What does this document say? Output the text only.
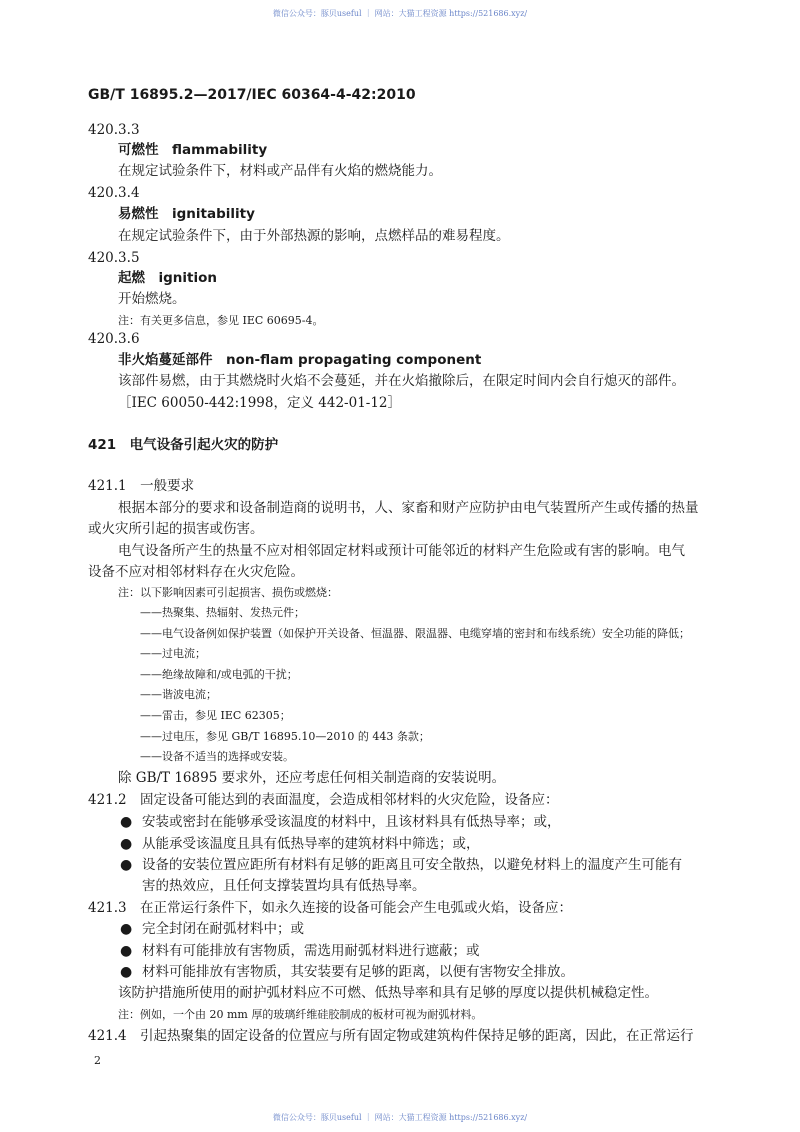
微信公众号：豚贝useful ｜ 网站：大猫工程资源 https://521686.xyz/
GB/T 16895.2—2017/IEC 60364-4-42:2010
420.3.3
可燃性　flammability
在规定试验条件下，材料或产品伴有火焰的燃烧能力。
420.3.4
易燃性　ignitability
在规定试验条件下，由于外部热源的影响，点燃样品的难易程度。
420.3.5
起燃　ignition
开始燃烧。
注：有关更多信息，参见 IEC 60695-4。
420.3.6
非火焰蔓延部件　non-flam propagating component
该部件易燃，由于其燃烧时火焰不会蔓延，并在火焰撤除后，在限定时间内会自行熄灭的部件。
［IEC 60050-442:1998，定义 442-01-12］
421　电气设备引起火灾的防护
421.1　一般要求
根据本部分的要求和设备制造商的说明书，人、家畜和财产应防护由电气装置所产生或传播的热量
或火灾所引起的损害或伤害。
电气设备所产生的热量不应对相邻固定材料或预计可能邻近的材料产生危险或有害的影响。电气
设备不应对相邻材料存在火灾危险。
注：以下影响因素可引起损害、损伤或燃烧：
——热聚集、热辐射、发热元件；
——电气设备例如保护装置（如保护开关设备、恒温器、限温器、电缆穿墙的密封和布线系统）安全功能的降低；
——过电流；
——绝缘故障和/或电弧的干扰；
——谐波电流；
——雷击，参见 IEC 62305；
——过电压，参见 GB/T 16895.10—2010 的 443 条款；
——设备不适当的选择或安装。
除 GB/T 16895 要求外，还应考虑任何相关制造商的安装说明。
421.2 固定设备可能达到的表面温度，会造成相邻材料的火灾危险，设备应：
● 安装或密封在能够承受该温度的材料中，且该材料具有低热导率；或，
● 从能承受该温度且具有低热导率的建筑材料中筛选；或，
● 设备的安装位置应距所有材料有足够的距离且可安全散热，以避免材料上的温度产生可能有
害的热效应，且任何支撑装置均具有低热导率。
421.3 在正常运行条件下，如永久连接的设备可能会产生电弧或火焰，设备应：
● 完全封闭在耐弧材料中；或
● 材料有可能排放有害物质，需选用耐弧材料进行遮蔽；或
● 材料可能排放有害物质，其安装要有足够的距离，以便有害物安全排放。
该防护措施所使用的耐护弧材料应不可燃、低热导率和具有足够的厚度以提供机械稳定性。
注：例如，一个由 20 mm 厚的玻璃纤维硅胶制成的板材可视为耐弧材料。
421.4 引起热聚集的固定设备的位置应与所有固定物或建筑构件保持足够的距离，因此，在正常运行
2
微信公众号：豚贝useful ｜ 网站：大猫工程资源 https://521686.xyz/
